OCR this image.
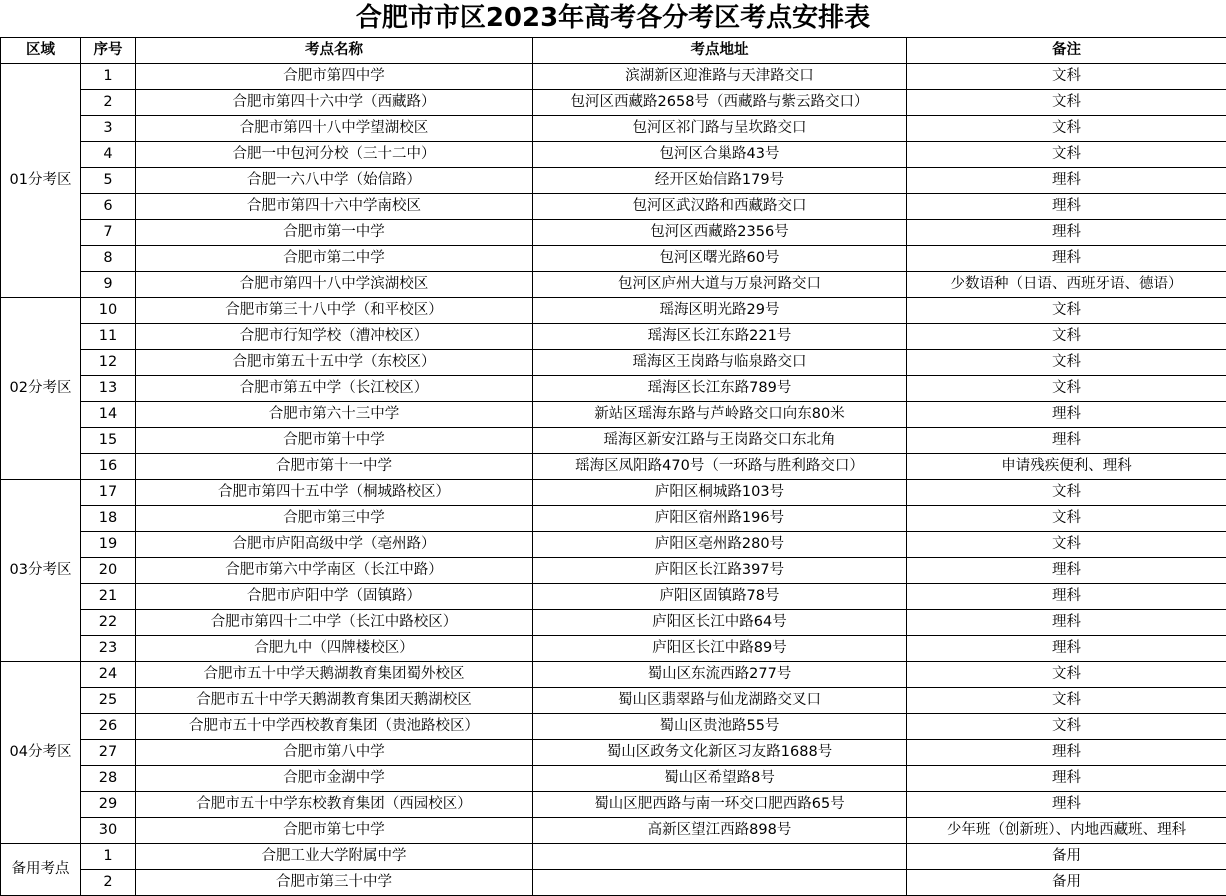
合肥市市区2023年高考各分考区考点安排表
区域	序号	考点名称	考点地址	备注
01分考区	1	合肥市第四中学	滨湖新区迎淮路与天津路交口	文科
	2	合肥市第四十六中学（西藏路）	包河区西藏路2658号（西藏路与紫云路交口）	文科
	3	合肥市第四十八中学望湖校区	包河区祁门路与呈坎路交口	文科
	4	合肥一中包河分校（三十二中）	包河区合巢路43号	文科
	5	合肥一六八中学（始信路）	经开区始信路179号	理科
	6	合肥市第四十六中学南校区	包河区武汉路和西藏路交口	理科
	7	合肥市第一中学	包河区西藏路2356号	理科
	8	合肥市第二中学	包河区曙光路60号	理科
	9	合肥市第四十八中学滨湖校区	包河区庐州大道与万泉河路交口	少数语种（日语、西班牙语、德语）
02分考区	10	合肥市第三十八中学（和平校区）	瑶海区明光路29号	文科
	11	合肥市行知学校（漕冲校区）	瑶海区长江东路221号	文科
	12	合肥市第五十五中学（东校区）	瑶海区王岗路与临泉路交口	文科
	13	合肥市第五中学（长江校区）	瑶海区长江东路789号	文科
	14	合肥市第六十三中学	新站区瑶海东路与芦岭路交口向东80米	理科
	15	合肥市第十中学	瑶海区新安江路与王岗路交口东北角	理科
	16	合肥市第十一中学	瑶海区凤阳路470号（一环路与胜利路交口）	申请残疾便利、理科
03分考区	17	合肥市第四十五中学（桐城路校区）	庐阳区桐城路103号	文科
	18	合肥市第三中学	庐阳区宿州路196号	文科
	19	合肥市庐阳高级中学（亳州路）	庐阳区亳州路280号	文科
	20	合肥市第六中学南区（长江中路）	庐阳区长江路397号	理科
	21	合肥市庐阳中学（固镇路）	庐阳区固镇路78号	理科
	22	合肥市第四十二中学（长江中路校区）	庐阳区长江中路64号	理科
	23	合肥九中（四牌楼校区）	庐阳区长江中路89号	理科
04分考区	24	合肥市五十中学天鹅湖教育集团蜀外校区	蜀山区东流西路277号	文科
	25	合肥市五十中学天鹅湖教育集团天鹅湖校区	蜀山区翡翠路与仙龙湖路交叉口	文科
	26	合肥市五十中学西校教育集团（贵池路校区）	蜀山区贵池路55号	文科
	27	合肥市第八中学	蜀山区政务文化新区习友路1688号	理科
	28	合肥市金湖中学	蜀山区希望路8号	理科
	29	合肥市五十中学东校教育集团（西园校区）	蜀山区肥西路与南一环交口肥西路65号	理科
	30	合肥市第七中学	高新区望江西路898号	少年班（创新班）、内地西藏班、理科
备用考点	1	合肥工业大学附属中学		备用
	2	合肥市第三十中学		备用
